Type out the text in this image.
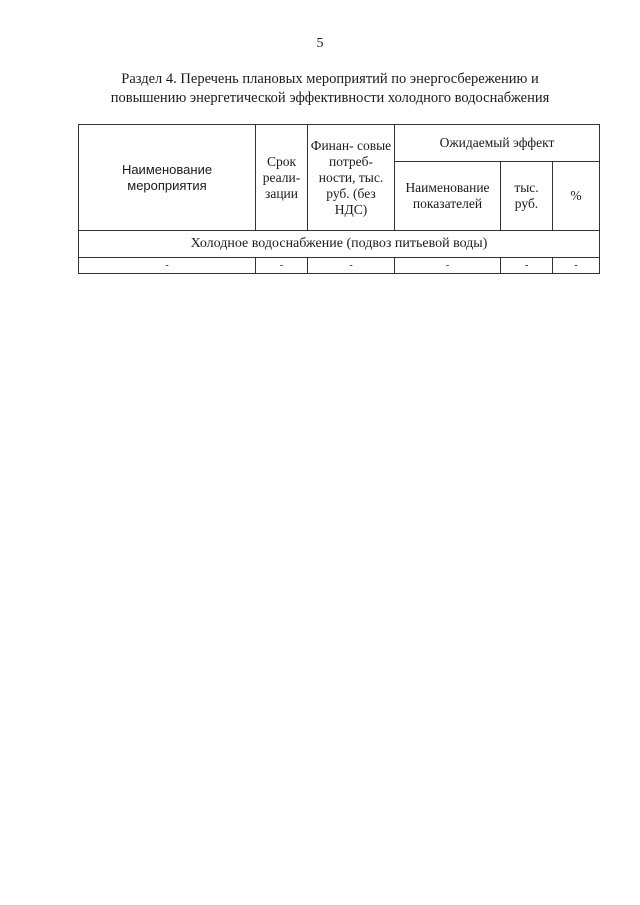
5
Раздел 4. Перечень плановых мероприятий по энергосбережению и
повышению энергетической эффективности холодного водоснабжения
Наименование мероприятия	Срок реали- зации	Финан- совые потреб- ности, тыс. руб. (без НДС)	Ожидаемый эффект		
			Наименование показателей	тыс. руб.	%
Холодное водоснабжение (подвоз питьевой воды)					
-	-	-	-	-	-
